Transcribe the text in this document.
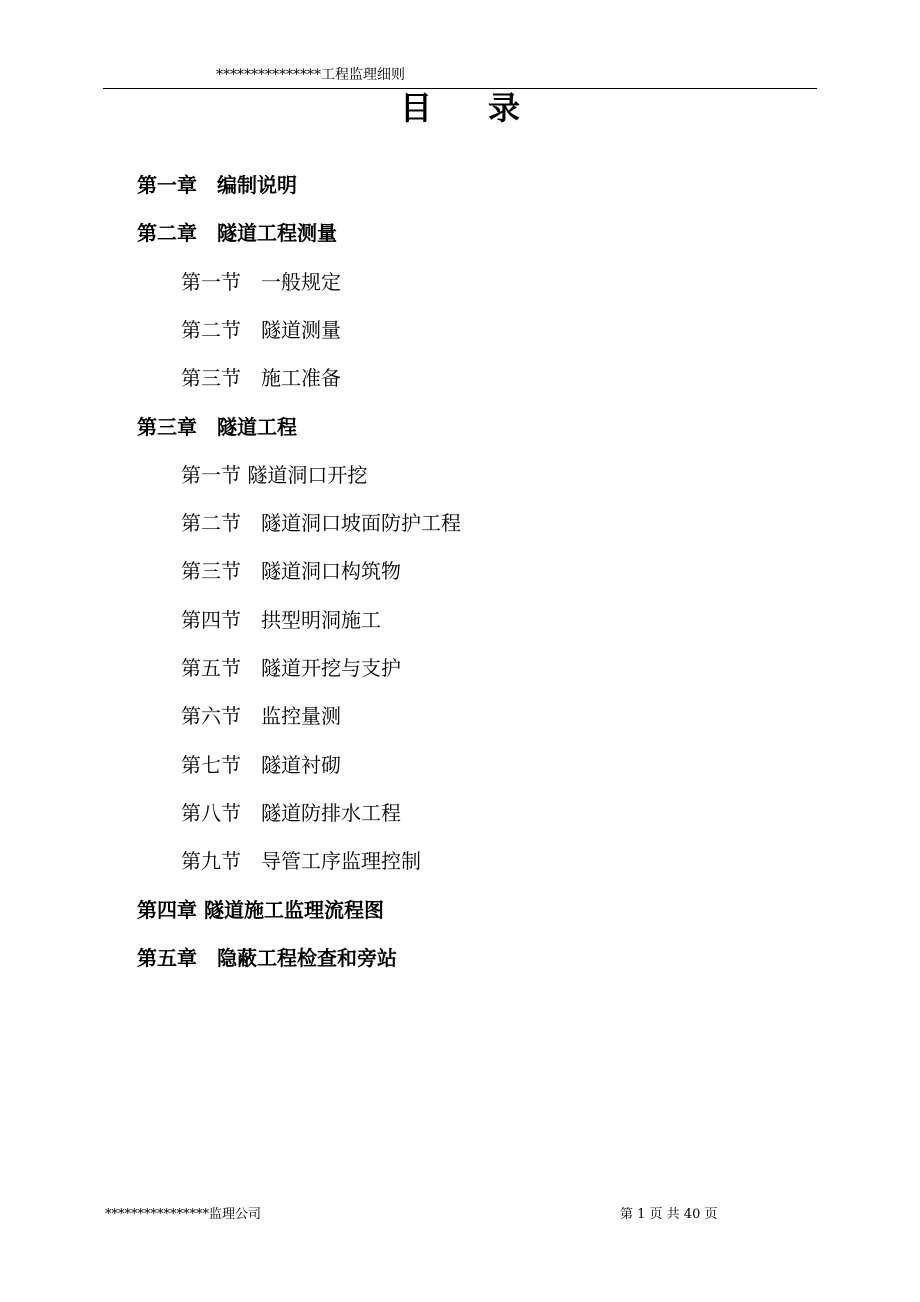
***************工程监理细则
目 录
第一章　 编制说明
第二章　 隧道工程测量
第一节　 一般规定
第二节　 隧道测量
第三节　 施工准备
第三章　 隧道工程
第一节 隧道洞口开挖
第二节　 隧道洞口坡面防护工程
第三节　 隧道洞口构筑物
第四节　 拱型明洞施工
第五节　 隧道开挖与支护
第六节　 监控量测
第七节　 隧道衬砌
第八节　 隧道防排水工程
第九节　 导管工序监理控制
第四章 隧道施工监理流程图
第五章　 隐蔽工程检查和旁站
****************监理公司	第 1 页 共 40 页
